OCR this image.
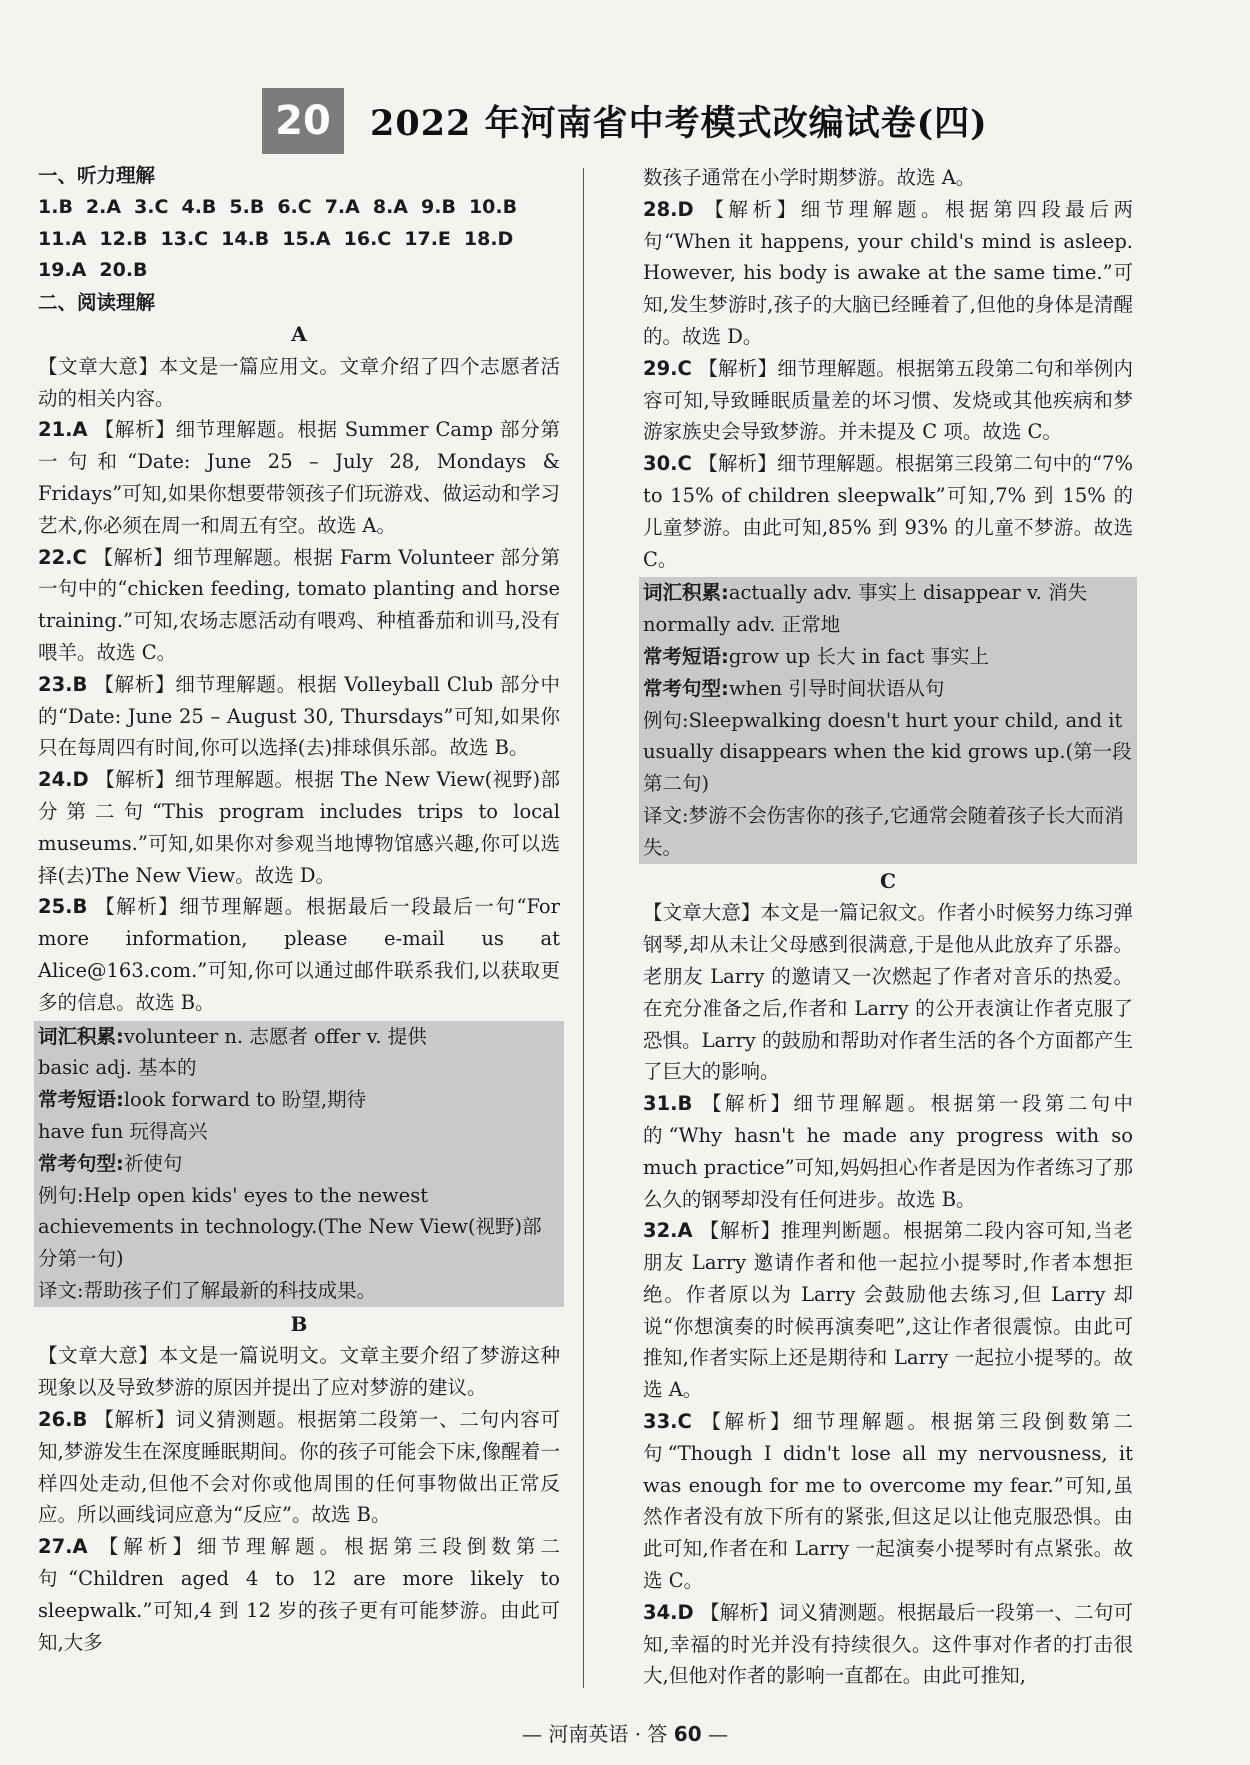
20	2022 年河南省中考模式改编试卷(四)
一、听力理解
1.B 2.A 3.C 4.B 5.B 6.C 7.A 8.A 9.B 10.B
11.A 12.B 13.C 14.B 15.A 16.C 17.E 18.D
19.A 20.B
二、阅读理解
A
【文章大意】本文是一篇应用文。文章介绍了四个志愿者活动的相关内容。
21.A 【解析】细节理解题。根据 Summer Camp 部分第一句和“Date: June 25 – July 28, Mondays & Fridays”可知,如果你想要带领孩子们玩游戏、做运动和学习艺术,你必须在周一和周五有空。故选 A。
22.C 【解析】细节理解题。根据 Farm Volunteer 部分第一句中的“chicken feeding, tomato planting and horse training.”可知,农场志愿活动有喂鸡、种植番茄和训马,没有喂羊。故选 C。
23.B 【解析】细节理解题。根据 Volleyball Club 部分中的“Date: June 25 – August 30, Thursdays”可知,如果你只在每周四有时间,你可以选择(去)排球俱乐部。故选 B。
24.D 【解析】细节理解题。根据 The New View(视野)部分第二句“This program includes trips to local museums.”可知,如果你对参观当地博物馆感兴趣,你可以选择(去)The New View。故选 D。
25.B 【解析】细节理解题。根据最后一段最后一句“For more information, please e-mail us at Alice@163.com.”可知,你可以通过邮件联系我们,以获取更多的信息。故选 B。
词汇积累:volunteer n. 志愿者 offer v. 提供
basic adj. 基本的
常考短语:look forward to 盼望,期待
have fun 玩得高兴
常考句型:祈使句
例句:Help open kids' eyes to the newest achievements in technology.(The New View(视野)部分第一句)
译文:帮助孩子们了解最新的科技成果。
B
【文章大意】本文是一篇说明文。文章主要介绍了梦游这种现象以及导致梦游的原因并提出了应对梦游的建议。
26.B 【解析】词义猜测题。根据第二段第一、二句内容可知,梦游发生在深度睡眠期间。你的孩子可能会下床,像醒着一样四处走动,但他不会对你或他周围的任何事物做出正常反应。所以画线词应意为“反应”。故选 B。
27.A 【解析】细节理解题。根据第三段倒数第二句“Children aged 4 to 12 are more likely to sleepwalk.”可知,4 到 12 岁的孩子更有可能梦游。由此可知,大多
数孩子通常在小学时期梦游。故选 A。
28.D 【解析】细节理解题。根据第四段最后两句“When it happens, your child's mind is asleep. However, his body is awake at the same time.”可知,发生梦游时,孩子的大脑已经睡着了,但他的身体是清醒的。故选 D。
29.C 【解析】细节理解题。根据第五段第二句和举例内容可知,导致睡眠质量差的坏习惯、发烧或其他疾病和梦游家族史会导致梦游。并未提及 C 项。故选 C。
30.C 【解析】细节理解题。根据第三段第二句中的“7% to 15% of children sleepwalk”可知,7% 到 15% 的儿童梦游。由此可知,85% 到 93% 的儿童不梦游。故选 C。
词汇积累:actually adv. 事实上 disappear v. 消失
normally adv. 正常地
常考短语:grow up 长大 in fact 事实上
常考句型:when 引导时间状语从句
例句:Sleepwalking doesn't hurt your child, and it usually disappears when the kid grows up.(第一段第二句)
译文:梦游不会伤害你的孩子,它通常会随着孩子长大而消失。
C
【文章大意】本文是一篇记叙文。作者小时候努力练习弹钢琴,却从未让父母感到很满意,于是他从此放弃了乐器。老朋友 Larry 的邀请又一次燃起了作者对音乐的热爱。在充分准备之后,作者和 Larry 的公开表演让作者克服了恐惧。Larry 的鼓励和帮助对作者生活的各个方面都产生了巨大的影响。
31.B 【解析】细节理解题。根据第一段第二句中的“Why hasn't he made any progress with so much practice”可知,妈妈担心作者是因为作者练习了那么久的钢琴却没有任何进步。故选 B。
32.A 【解析】推理判断题。根据第二段内容可知,当老朋友 Larry 邀请作者和他一起拉小提琴时,作者本想拒绝。作者原以为 Larry 会鼓励他去练习,但 Larry 却说“你想演奏的时候再演奏吧”,这让作者很震惊。由此可推知,作者实际上还是期待和 Larry 一起拉小提琴的。故选 A。
33.C 【解析】细节理解题。根据第三段倒数第二句“Though I didn't lose all my nervousness, it was enough for me to overcome my fear.”可知,虽然作者没有放下所有的紧张,但这足以让他克服恐惧。由此可知,作者在和 Larry 一起演奏小提琴时有点紧张。故选 C。
34.D 【解析】词义猜测题。根据最后一段第一、二句可知,幸福的时光并没有持续很久。这件事对作者的打击很大,但他对作者的影响一直都在。由此可推知,
— 河南英语 · 答 60 —
